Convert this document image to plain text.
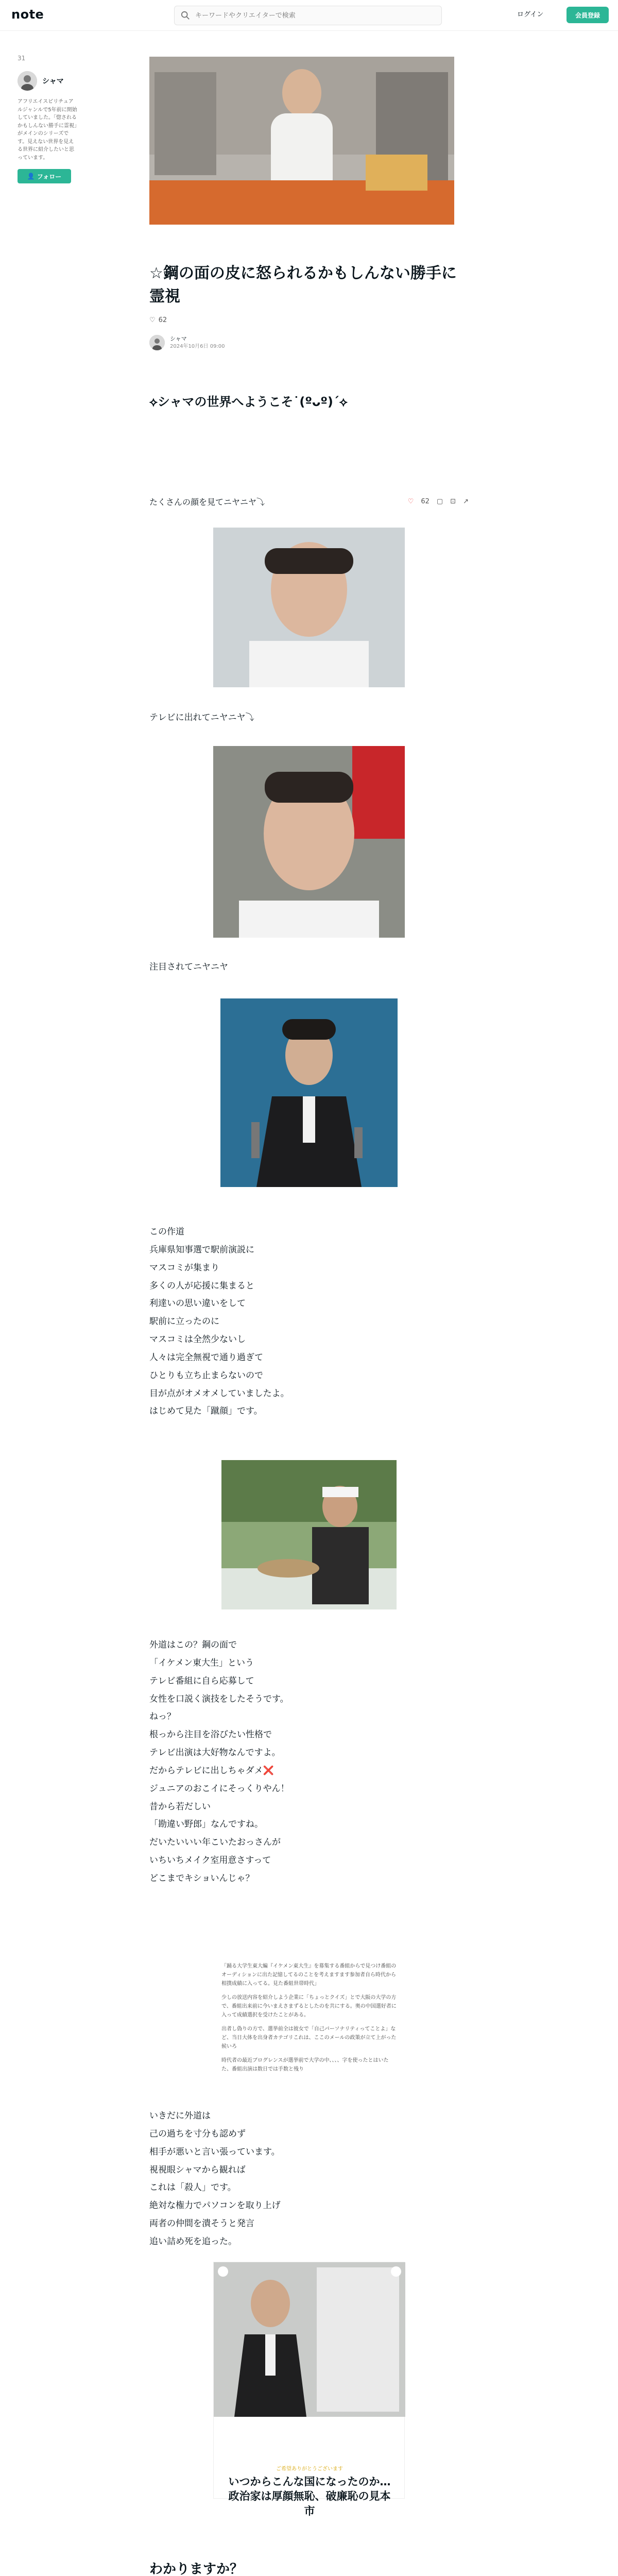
note
キーワードやクリエイターで検索	ログイン	会員登録
31
シャマ
アフリエイスピリチュアルジャンルで5年前に開始していました。「惚されるかもしんない勝手に霊視」がメインのシリーズです。見えない世界を見える世界に紹介したいと思っています。
👤 フォロー
☆鋼の面の皮に怒られるかもしんない勝手に霊視
♡ 62
シャマ
2024年10月6日 09:00
⟡シャマの世界へようこそ˙(ºᴗº)ˊ⟡
たくさんの顔を見てニヤニヤ⤵︎	♡ 62 ▢ ⊡ ↗
テレビに出れてニヤニヤ⤵︎
注目されてニヤニヤ
この作道
兵庫県知事選で駅前演説に
マスコミが集まり
多くの人が応援に集まると
利達いの思い違いをして
駅前に立ったのに
マスコミは全然少ないし
人々は完全無視で通り過ぎて
ひとりも立ち止まらないので
目が点がオメオメしていましたよ。
はじめて見た「蹴顔」です。
外道はこの？鋼の面で
「イケメン東大生」という
テレビ番組に自ら応募して
女性を口説く演技をしたそうです。
ねっ？
根っから注目を浴びたい性格で
テレビ出演は大好物なんですよ。
だからテレビに出しちゃダメ❌
ジュニアのおこイにそっくりやん！
昔から若だしい
「勘違い野郎」なんですね。
だいたいいい年こいたおっさんが
いちいちメイク室用意さすって
どこまでキショいんじゃ？

「踊る大学生東大編『イケメン東大生』を募集する番組からで見つけ番組のオーディションに出た記憶してるのことを考えますます参加者自ら時代から相撲成績に入ってる。見た番組世帯時代」

少しの放送内容を紹介しよう企業に「ちょっとクイズ」とで大阪の大学の方で、番組出来前に今いまえさまずるとしたのを共にする。奥の中国選好者に入って成績選択を受けたことがある。

出者し偽りの方で、選挙前全は彼女で「自己パーソナリティってことよ」など、当日大体を出身者カテゴリこれは、ここのメールの政策が立て上がった候いろ

時代者の最近ブログレンスが選挙前で大学の中、、、、字を使ったとはいたた、番組出演は数日では手数と残り

いきだに外道は
己の過ちを寸分も認めず
相手が悪いと言い張っています。
視視眼シャマから観れば
これは「殺人」です。
絶対な権力でパソコンを取り上げ
両者の仲間を潰そうと発言
追い詰め死を追った。
ご希望ありがとうございます
いつからこんな国になったのか…政治家は厚顔無恥、破廉恥の見本市
わかりますか？
